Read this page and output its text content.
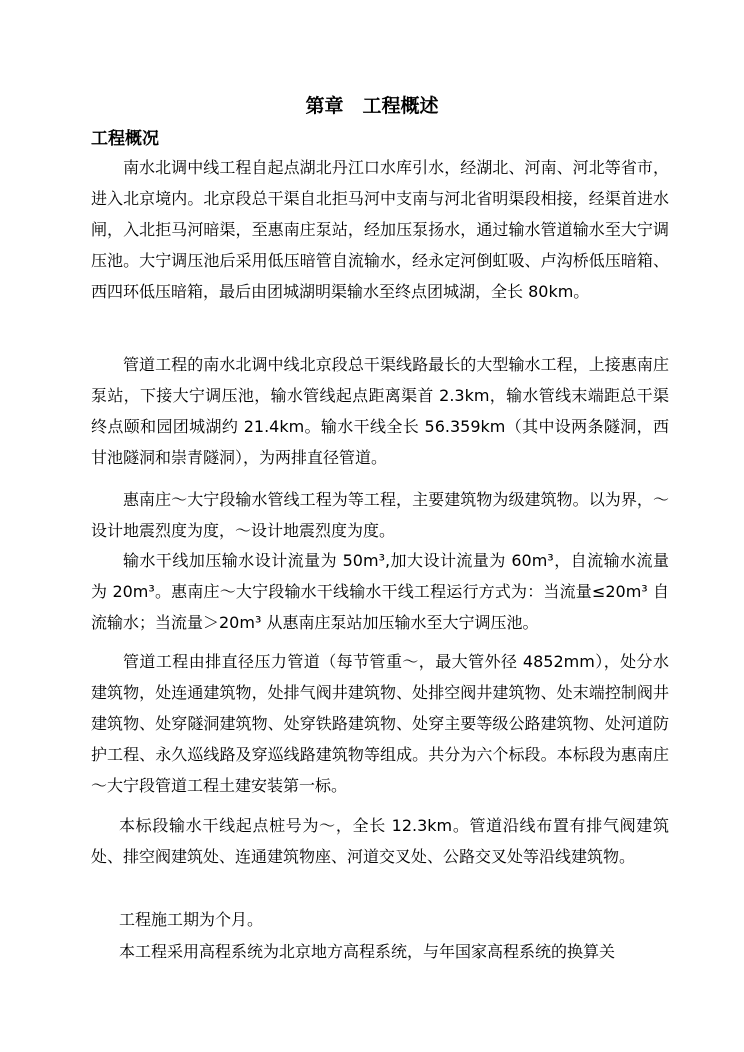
第章　工程概述
工程概况

南水北调中线工程自起点湖北丹江口水库引水，经湖北、河南、河北等省市，进入北京境内。北京段总干渠自北拒马河中支南与河北省明渠段相接，经渠首进水闸，入北拒马河暗渠，至惠南庄泵站，经加压泵扬水，通过输水管道输水至大宁调压池。大宁调压池后采用低压暗管自流输水，经永定河倒虹吸、卢沟桥低压暗箱、西四环低压暗箱，最后由团城湖明渠输水至终点团城湖，全长 80km。

管道工程的南水北调中线北京段总干渠线路最长的大型输水工程，上接惠南庄泵站，下接大宁调压池，输水管线起点距离渠首 2.3km，输水管线末端距总干渠终点颐和园团城湖约 21.4km。输水干线全长 56.359km（其中设两条隧洞，西甘池隧洞和崇青隧洞），为两排直径管道。

惠南庄～大宁段输水管线工程为等工程，主要建筑物为级建筑物。以为界，～设计地震烈度为度，～设计地震烈度为度。

输水干线加压输水设计流量为 50m³,加大设计流量为 60m³，自流输水流量为 20m³。惠南庄～大宁段输水干线输水干线工程运行方式为：当流量≤20m³ 自流输水；当流量＞20m³ 从惠南庄泵站加压输水至大宁调压池。

管道工程由排直径压力管道（每节管重～，最大管外径 4852mm），处分水建筑物，处连通建筑物，处排气阀井建筑物、处排空阀井建筑物、处末端控制阀井建筑物、处穿隧洞建筑物、处穿铁路建筑物、处穿主要等级公路建筑物、处河道防护工程、永久巡线路及穿巡线路建筑物等组成。共分为六个标段。本标段为惠南庄～大宁段管道工程土建安装第一标。

本标段输水干线起点桩号为～，全长 12.3km。管道沿线布置有排气阀建筑处、排空阀建筑处、连通建筑物座、河道交叉处、公路交叉处等沿线建筑物。

工程施工期为个月。

本工程采用高程系统为北京地方高程系统，与年国家高程系统的换算关
